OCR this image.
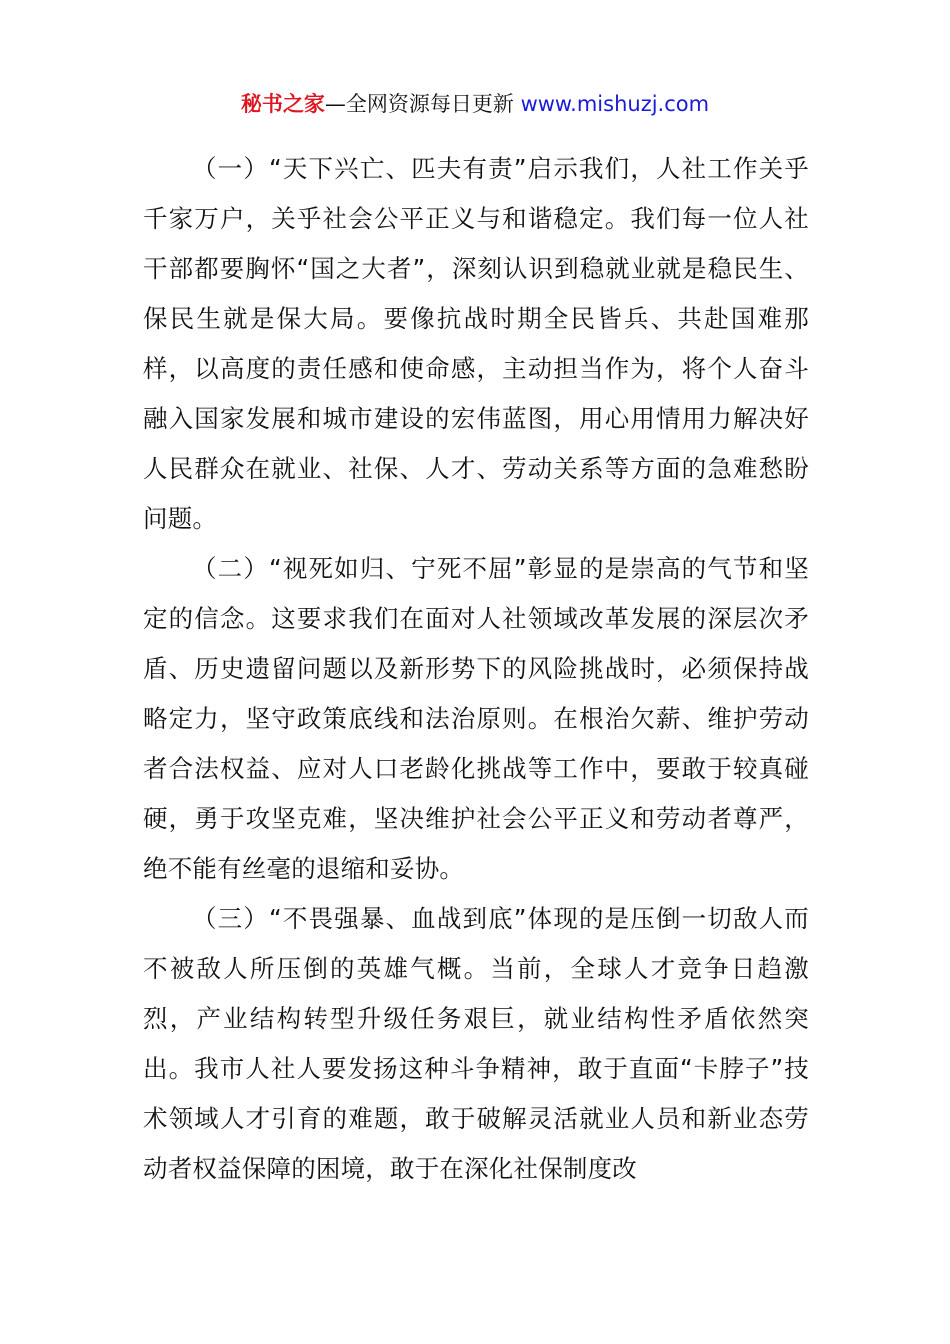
秘书之家—全网资源每日更新 www.mishuzj.com

（一）“天下兴亡、匹夫有责”启示我们，人社工作关乎千家万户，关乎社会公平正义与和谐稳定。我们每一位人社干部都要胸怀“国之大者”，深刻认识到稳就业就是稳民生、保民生就是保大局。要像抗战时期全民皆兵、共赴国难那样，以高度的责任感和使命感，主动担当作为，将个人奋斗融入国家发展和城市建设的宏伟蓝图，用心用情用力解决好人民群众在就业、社保、人才、劳动关系等方面的急难愁盼问题。

（二）“视死如归、宁死不屈”彰显的是崇高的气节和坚定的信念。这要求我们在面对人社领域改革发展的深层次矛盾、历史遗留问题以及新形势下的风险挑战时，必须保持战略定力，坚守政策底线和法治原则。在根治欠薪、维护劳动者合法权益、应对人口老龄化挑战等工作中，要敢于较真碰硬，勇于攻坚克难，坚决维护社会公平正义和劳动者尊严，绝不能有丝毫的退缩和妥协。

（三）“不畏强暴、血战到底”体现的是压倒一切敌人而不被敌人所压倒的英雄气概。当前，全球人才竞争日趋激烈，产业结构转型升级任务艰巨，就业结构性矛盾依然突出。我市人社人要发扬这种斗争精神，敢于直面“卡脖子”技术领域人才引育的难题，敢于破解灵活就业人员和新业态劳动者权益保障的困境，敢于在深化社保制度改
